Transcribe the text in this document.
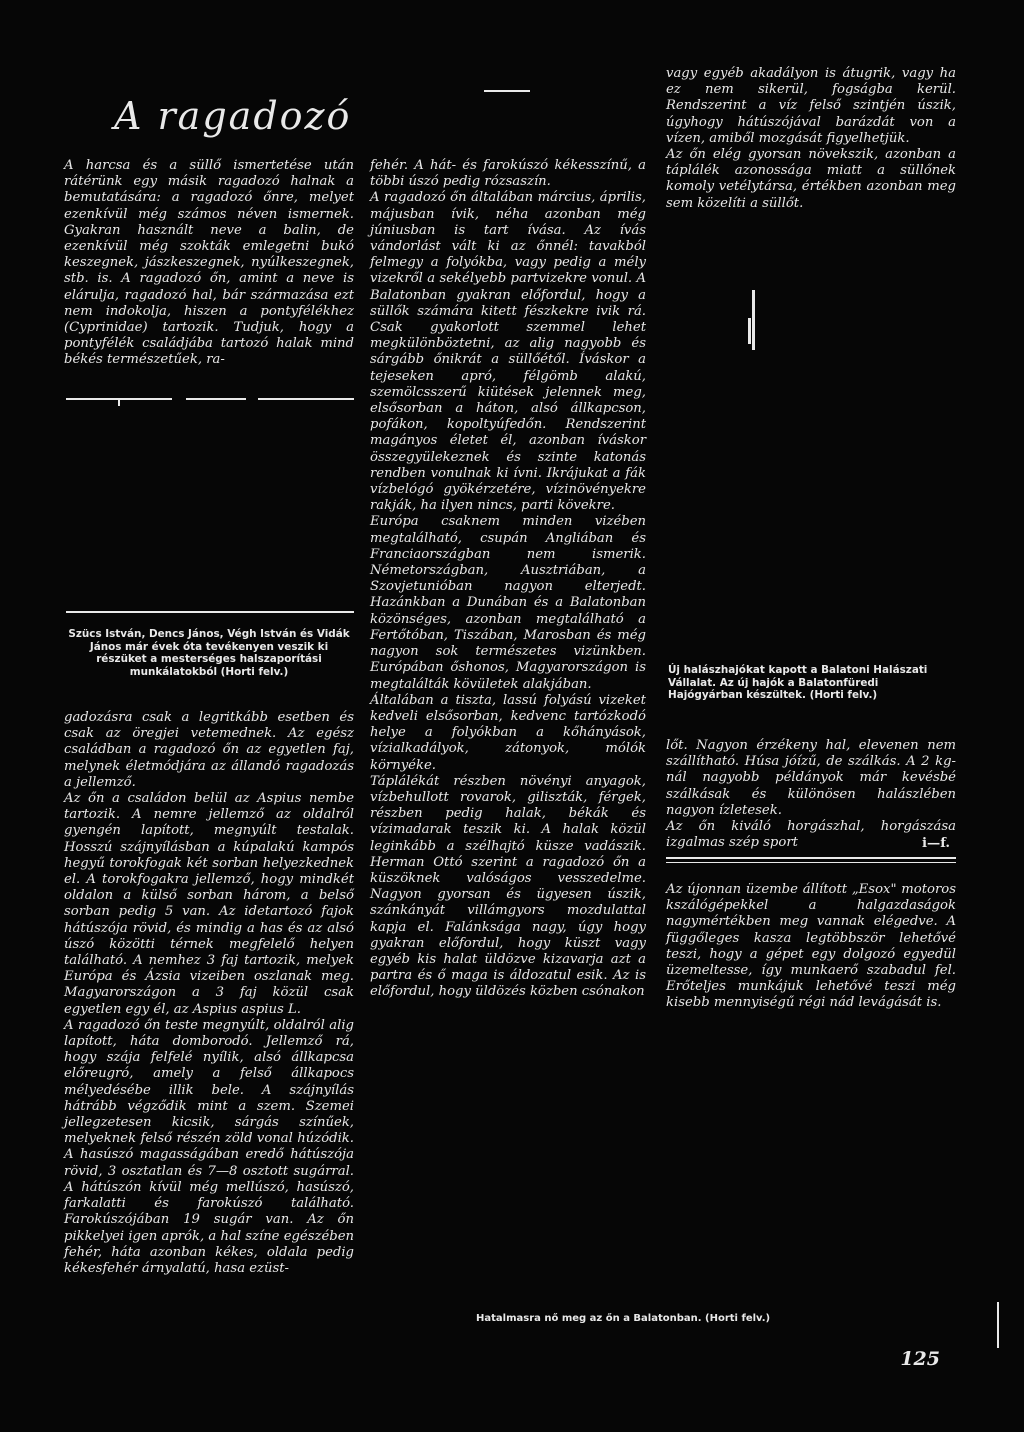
A ragadozó
A harcsa és a süllő ismertetése után rátérünk egy másik ragadozó halnak a bemutatására: a ragadozó őnre, melyet ezenkívül még számos néven ismernek. Gyakran használt neve a balin, de ezenkívül még szokták emlegetni bukó keszegnek, jászkeszegnek, nyúlkeszegnek, stb. is. A ragadozó őn, amint a neve is elárulja, ragadozó hal, bár származása ezt nem indokolja, hiszen a pontyfélékhez (Cyprinidae) tartozik. Tudjuk, hogy a pontyfélék családjába tartozó halak mind békés természetűek, ra-
Szücs István, Dencs János, Végh István és Vidák János már évek óta tevékenyen veszik ki részüket a mesterséges halszaporítási munkálatokból (Horti felv.)
gadozásra csak a legritkább esetben és csak az öregjei vetemednek. Az egész családban a ragadozó őn az egyetlen faj, melynek életmódjára az állandó ragadozás a jellemző.
Az őn a családon belül az Aspius nembe tartozik. A nemre jellemző az oldalról gyengén lapított, megnyúlt testalak. Hosszú szájnyílásban a kúpalakú kampós hegyű torokfogak két sorban helyezkednek el. A torokfogakra jellemző, hogy mindkét oldalon a külső sorban három, a belső sorban pedig 5 van. Az idetartozó fajok hátúszója rövid, és mindig a has és az alsó úszó közötti térnek megfelelő helyen található. A nemhez 3 faj tartozik, melyek Európa és Ázsia vizeiben oszlanak meg. Magyarországon a 3 faj közül csak egyetlen egy él, az Aspius aspius L.
A ragadozó őn teste megnyúlt, oldalról alig lapított, háta domborodó. Jellemző rá, hogy szája felfelé nyílik, alsó állkapcsa előreugró, amely a felső állkapocs mélyedésébe illik bele. A szájnyílás hátrább végződik mint a szem. Szemei jellegzetesen kicsik, sárgás színűek, melyeknek felső részén zöld vonal húzódik. A hasúszó magasságában eredő hátúszója rövid, 3 osztatlan és 7—8 osztott sugárral. A hátúszón kívül még mellúszó, hasúszó, farkalatti és farokúszó található. Farokúszójában 19 sugár van. Az őn pikkelyei igen aprók, a hal színe egészében fehér, háta azonban kékes, oldala pedig kékesfehér árnyalatú, hasa ezüst-
fehér. A hát- és farokúszó kékesszínű, a többi úszó pedig rózsaszín.
A ragadozó őn általában március, április, májusban ívik, néha azonban még júniusban is tart ívása. Az ívás vándorlást vált ki az őnnél: tavakból felmegy a folyókba, vagy pedig a mély vizekről a sekélyebb partvizekre vonul. A Balatonban gyakran előfordul, hogy a süllők számára kitett fészkekre ivik rá. Csak gyakorlott szemmel lehet megkülönböztetni, az alig nagyobb és sárgább őnikrát a süllőétől. Íváskor a tejeseken apró, félgömb alakú, szemölcsszerű kiütések jelennek meg, elsősorban a háton, alsó állkapcson, pofákon, kopoltyúfedőn. Rendszerint magányos életet él, azonban íváskor összegyülekeznek és szinte katonás rendben vonulnak ki ívni. Ikrájukat a fák vízbelógó gyökérzetére, vízinövényekre rakják, ha ilyen nincs, parti kövekre.
Európa csaknem minden vizében megtalálható, csupán Angliában és Franciaországban nem ismerik. Németországban, Ausztriában, a Szovjetunióban nagyon elterjedt. Hazánkban a Dunában és a Balatonban közönséges, azonban megtalálható a Fertőtóban, Tiszában, Marosban és még nagyon sok természetes vizünkben. Európában őshonos, Magyarországon is megtalálták kövületek alakjában.
Általában a tiszta, lassú folyású vizeket kedveli elsősorban, kedvenc tartózkodó helye a folyókban a kőhányások, vízialkadályok, zátonyok, mólók környéke.
Táplálékát részben növényi anyagok, vízbehullott rovarok, giliszták, férgek, részben pedig halak, békák és vízimadarak teszik ki. A halak közül leginkább a szélhajtó küsze vadászik. Herman Ottó szerint a ragadozó őn a küszöknek valóságos vesszedelme. Nagyon gyorsan és ügyesen úszik, szánkányát villámgyors mozdulattal kapja el. Falánksága nagy, úgy hogy gyakran előfordul, hogy küszt vagy egyéb kis halat üldözve kizavarja azt a partra és ő maga is áldozatul esik. Az is előfordul, hogy üldözés közben csónakon
vagy egyéb akadályon is átugrik, vagy ha ez nem sikerül, fogságba kerül. Rendszerint a víz felső szintjén úszik, úgyhogy hátúszójával barázdát von a vízen, amiből mozgását figyelhetjük.
Az őn elég gyorsan növekszik, azonban a táplálék azonossága miatt a süllőnek komoly vetélytársa, értékben azonban meg sem közelíti a süllőt.
Új halászhajókat kapott a Balatoni Halászati Vállalat. Az új hajók a Balatonfüredi Hajógyárban készültek. (Horti felv.)
lőt. Nagyon érzékeny hal, elevenen nem szállítható. Húsa jóízű, de szálkás. A 2 kg-nál nagyobb példányok már kevésbé szálkásak és különösen halászlében nagyon ízletesek.
Az őn kiváló horgászhal, horgászása izgalmas szép sport	i—f.
Az újonnan üzembe állított „Esox" motoros kszálógépekkel a halgazdaságok nagymértékben meg vannak elégedve. A függőleges kasza legtöbbször lehetővé teszi, hogy a gépet egy dolgozó egyedül üzemeltesse, így munkaerő szabadul fel. Erőteljes munkájuk lehetővé teszi még kisebb mennyiségű régi nád levágását is.
Hatalmasra nő meg az őn a Balatonban. (Horti felv.)
125
